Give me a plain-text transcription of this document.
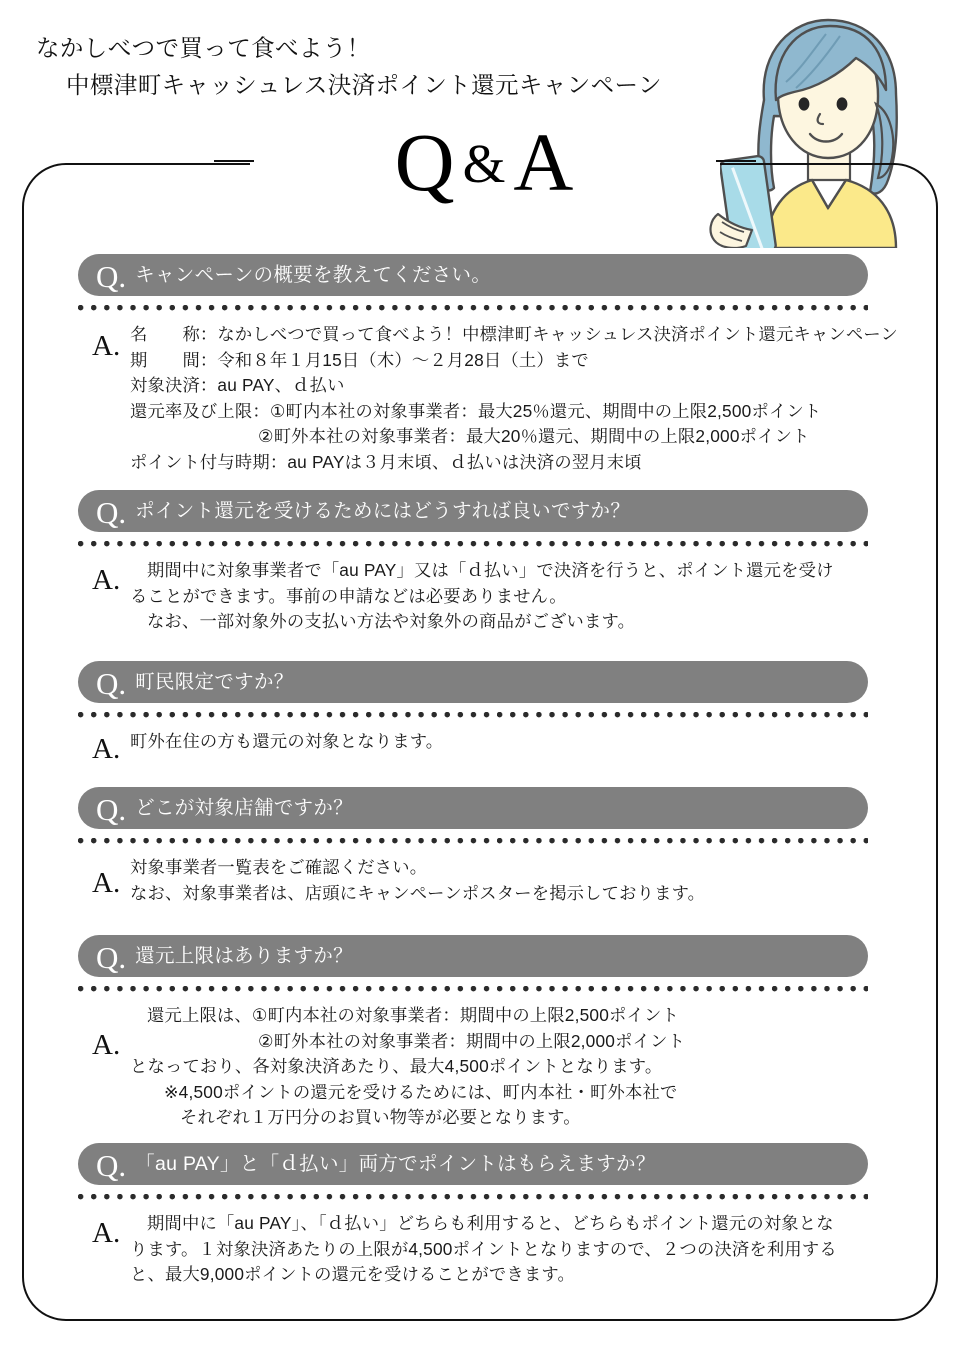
なかしべつで買って食べよう！
中標津町キャッシュレス決済ポイント還元キャンペーン
Q &A
Q. キャンペーンの概要を教えてください。
A. 名　　称：なかしべつで買って食べよう！中標津町キャッシュレス決済ポイント還元キャンペーン
期　　間：令和８年１月15日（木）〜２月28日（土）まで
対象決済：au PAY、ｄ払い
還元率及び上限：①町内本社の対象事業者：最大25％還元、期間中の上限2,500ポイント
②町外本社の対象事業者：最大20％還元、期間中の上限2,000ポイント
ポイント付与時期：au PAYは３月末頃、ｄ払いは決済の翌月末頃
Q. ポイント還元を受けるためにはどうすれば良いですか？
A.	期間中に対象事業者で「au PAY」又は「ｄ払い」で決済を行うと、ポイント還元を受け
ることができます。事前の申請などは必要ありません。
なお、一部対象外の支払い方法や対象外の商品がございます。
Q. 町民限定ですか？
A. 町外在住の方も還元の対象となります。
Q. どこが対象店舗ですか？
A. 対象事業者一覧表をご確認ください。
なお、対象事業者は、店頭にキャンペーンポスターを掲示しております。
Q. 還元上限はありますか？
A.
還元上限は、①町内本社の対象事業者：期間中の上限2,500ポイント
②町外本社の対象事業者：期間中の上限2,000ポイント
となっており、各対象決済あたり、最大4,500ポイントとなります。
※4,500ポイントの還元を受けるためには、町内本社・町外本社で
それぞれ１万円分のお買い物等が必要となります。
Q. 「au PAY」と「ｄ払い」両方でポイントはもらえますか？
A.	期間中に「au PAY」、「ｄ払い」どちらも利用すると、どちらもポイント還元の対象とな
ります。１対象決済あたりの上限が4,500ポイントとなりますので、２つの決済を利用する
と、最大9,000ポイントの還元を受けることができます。
